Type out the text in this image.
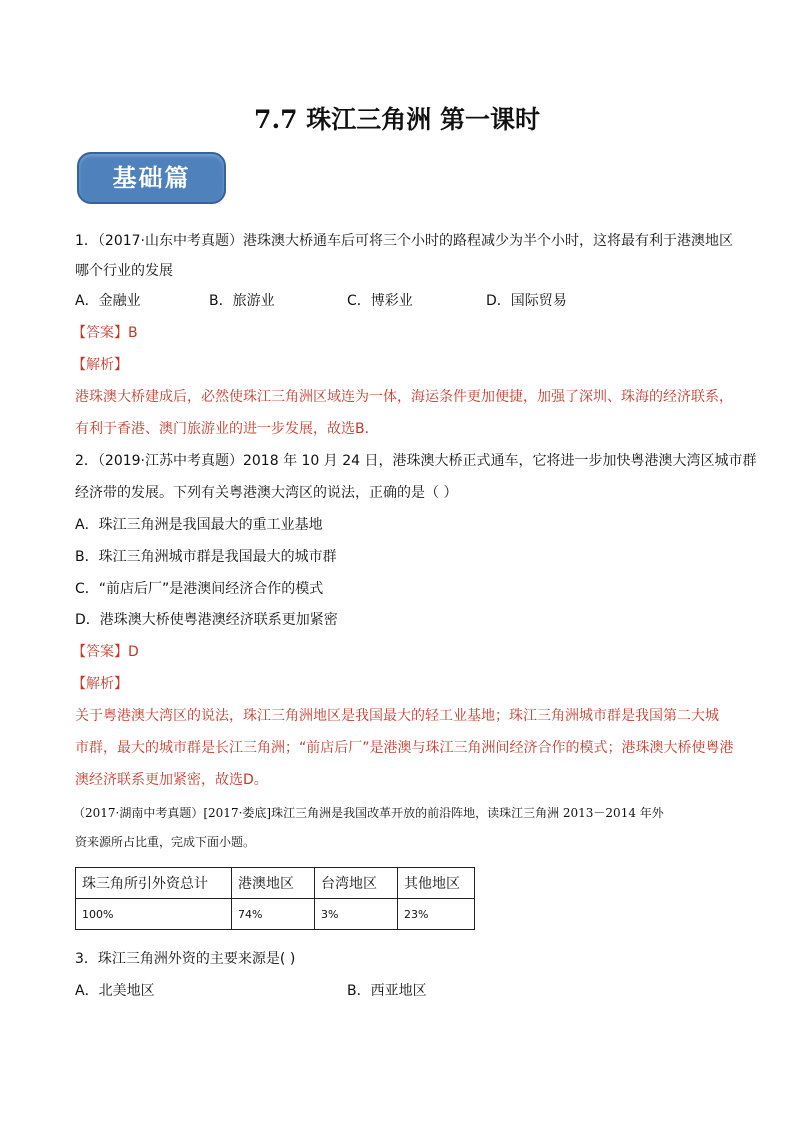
7.7 珠江三角洲 第一课时
基础篇
1．（2017·山东中考真题）港珠澳大桥通车后可将三个小时的路程减少为半个小时，这将最有利于港澳地区
哪个行业的发展
A．金融业	B．旅游业	C．博彩业	D．国际贸易
【答案】B
【解析】
港珠澳大桥建成后，必然使珠江三角洲区域连为一体，海运条件更加便捷，加强了深圳、珠海的经济联系，
有利于香港、澳门旅游业的进一步发展，故选B．
2．（2019·江苏中考真题）2018 年 10 月 24 日，港珠澳大桥正式通车，它将进一步加快粤港澳大湾区城市群
经济带的发展。下列有关粤港澳大湾区的说法，正确的是（ ）
A．珠江三角洲是我国最大的重工业基地
B．珠江三角洲城市群是我国最大的城市群
C．“前店后厂”是港澳间经济合作的模式
D．港珠澳大桥使粤港澳经济联系更加紧密
【答案】D
【解析】
关于粤港澳大湾区的说法，珠江三角洲地区是我国最大的轻工业基地；珠江三角洲城市群是我国第二大城
市群，最大的城市群是长江三角洲；“前店后厂”是港澳与珠江三角洲间经济合作的模式；港珠澳大桥使粤港
澳经济联系更加紧密，故选D。
（2017·湖南中考真题）[2017·娄底]珠江三角洲是我国改革开放的前沿阵地，读珠江三角洲 2013－2014 年外
资来源所占比重，完成下面小题。
珠三角所引外资总计	港澳地区	台湾地区	其他地区
100%	74%	3%	23%
3．珠江三角洲外资的主要来源是( )
A．北美地区	B．西亚地区
